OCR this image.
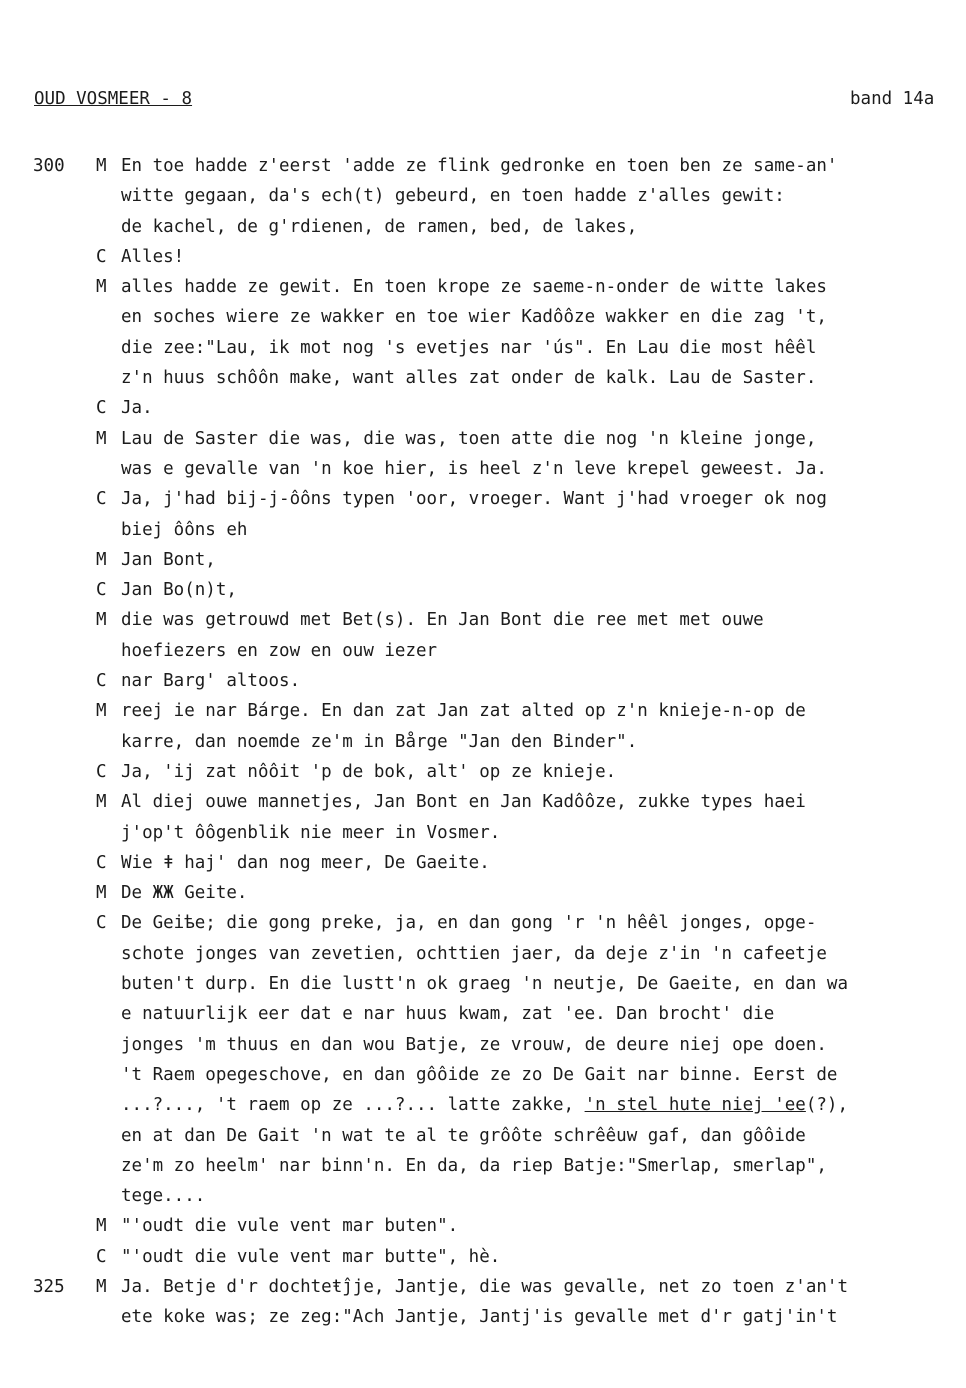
OUD VOSMEER - 8	band 14a
300 M En toe hadde z'eerst 'adde ze flink gedronke en toen ben ze same-an'
witte gegaan, da's ech(t) gebeurd, en toen hadde z'alles gewit:
de kachel, de g'rdienen, de ramen, bed, de lakes,
C Alles!
M alles hadde ze gewit. En toen krope ze saeme-n-onder de witte lakes
en soches wiere ze wakker en toe wier Kadôôze wakker en die zag 't,
die zee:"Lau, ik mot nog 's evetjes nar 'ús". En Lau die most hêêl
z'n huus schôôn make, want alles zat onder de kalk. Lau de Saster.
C Ja.
M Lau de Saster die was, die was, toen atte die nog 'n kleine jonge,
was e gevalle van 'n koe hier, is heel z'n leve krepel geweest. Ja.
C Ja, j'had bij-j-ôôns typen 'oor, vroeger. Want j'had vroeger ok nog
biej ôôns eh
M Jan Bont,
C Jan Bo(n)t,
M die was getrouwd met Bet(s). En Jan Bont die ree met met ouwe
hoefiezers en zow en ouw iezer
C nar Barg' altoos.
M reej ie nar Bárge. En dan zat Jan zat alted op z'n knieje-n-op de
karre, dan noemde ze'm in Bårge "Jan den Binder".
C Ja, 'ij zat nôôit 'p de bok, alt' op ze knieje.
M Al diej ouwe mannetjes, Jan Bont en Jan Kadôôze, zukke types haei
j'op't ôôgenblik nie meer in Vosmer.
C Wie ǂ haj' dan nog meer, De Gaeite.
M De ЖЖ Geite.
C De Geiѣe; die gong preke, ja, en dan gong 'r 'n hêêl jonges, opge-
schote jonges van zevetien, ochttien jaer, da deje z'in 'n cafeetje
buten't durp. En die lustt'n ok graeg 'n neutje, De Gaeite, en dan wa
e natuurlijk eer dat e nar huus kwam, zat 'ee. Dan brocht' die
jonges 'm thuus en dan wou Batje, ze vrouw, de deure niej ope doen.
't Raem opegeschove, en dan gôôide ze zo De Gait nar binne. Eerst de
...?..., 't raem op ze ...?... latte zakke, 'n stel hute niej 'ee(?),
en at dan De Gait 'n wat te al te grôôte schrêêuw gaf, dan gôôide
ze'm zo heelm' nar binn'n. En da, da riep Batje:"Smerlap, smerlap",
tege....
M "'oudt die vule vent mar buten".
C "'oudt die vule vent mar butte", hè.
325 M Ja. Betje d'r dochteŧĵje, Jantje, die was gevalle, net zo toen z'an't
ete koke was; ze zeg:"Ach Jantje, Jantj'is gevalle met d'r gatj'in't
